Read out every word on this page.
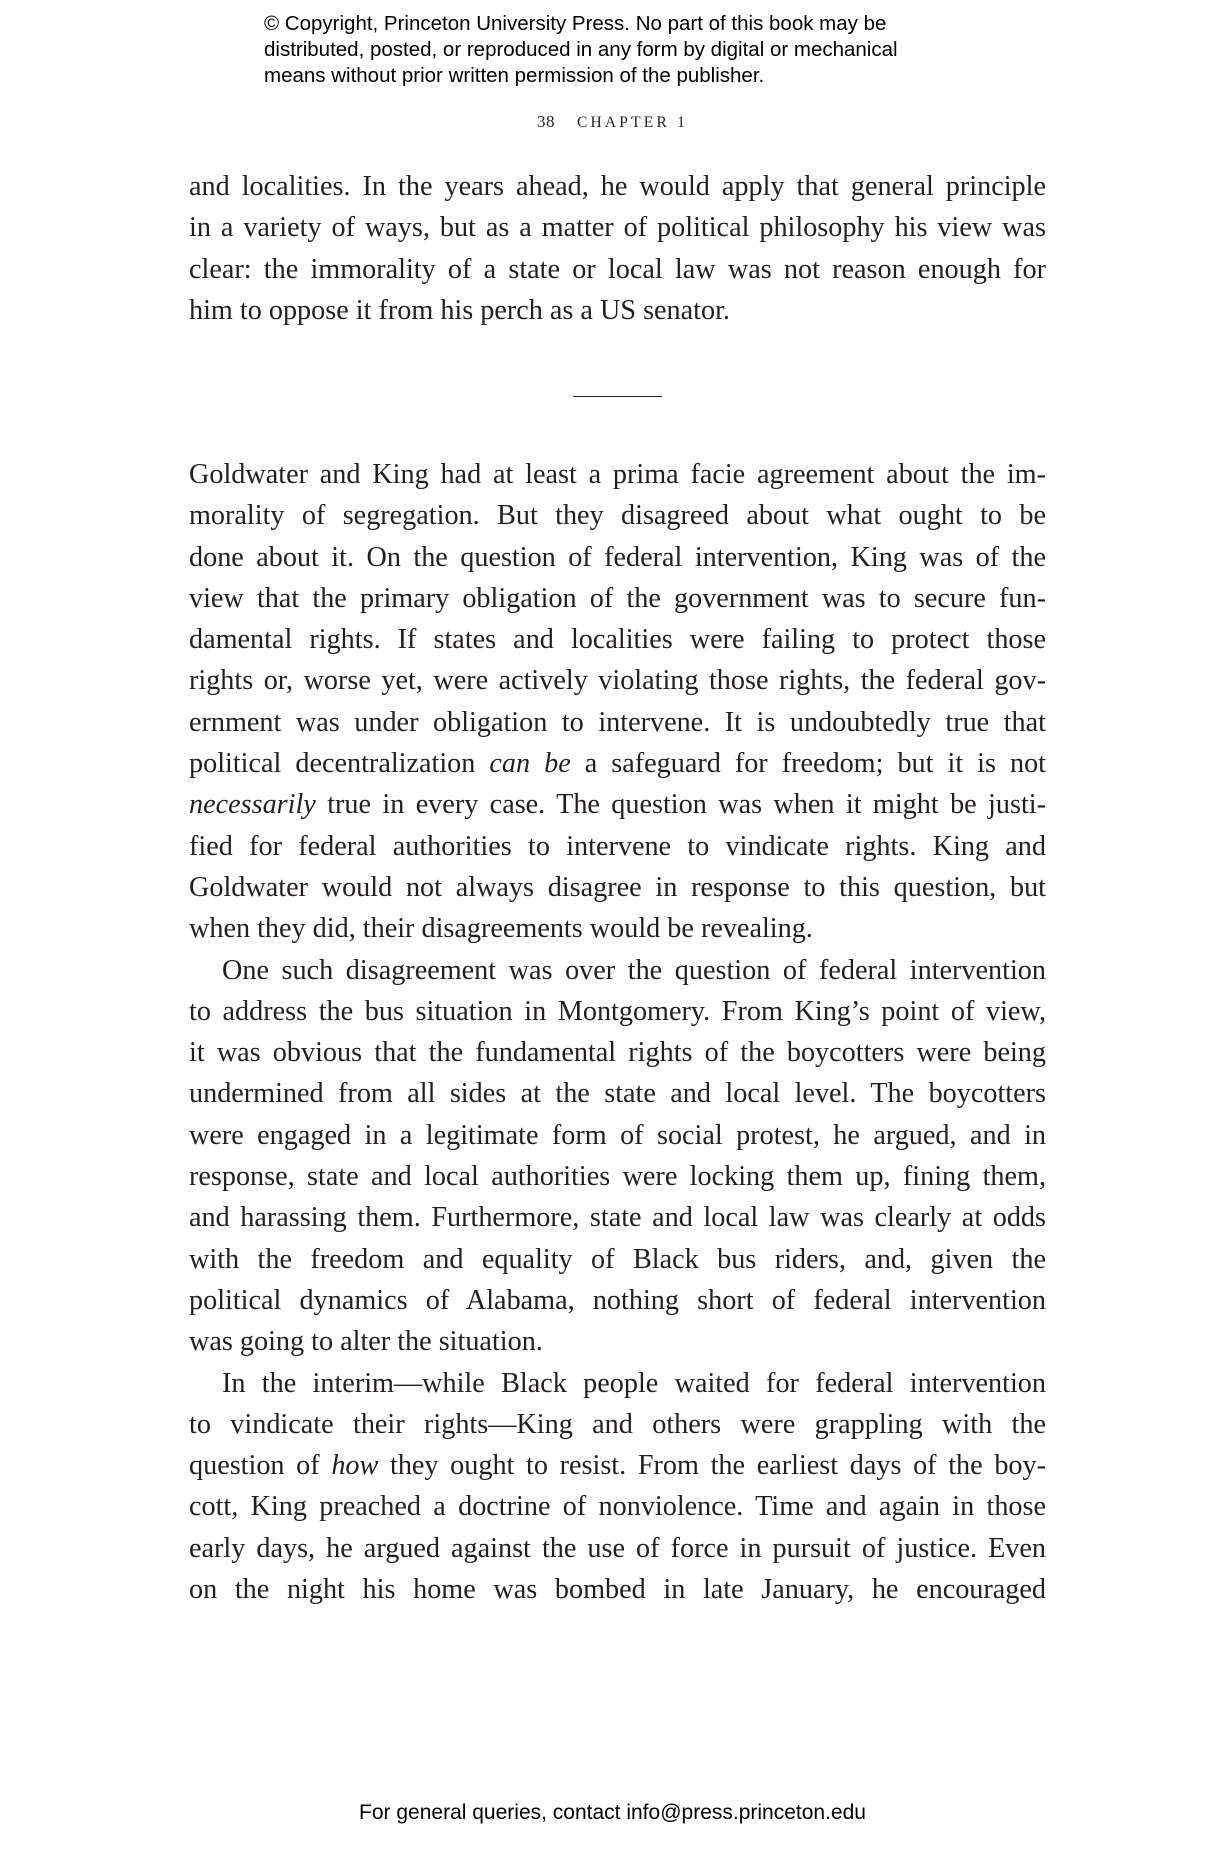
© Copyright, Princeton University Press. No part of this book may be
distributed, posted, or reproduced in any form by digital or mechanical
means without prior written permission of the publisher.
38 CHAPTER 1
and localities. In the years ahead, he would apply that general principle
in a variety of ways, but as a matter of political philosophy his view was
clear: the immorality of a state or local law was not reason enough for
him to oppose it from his perch as a US senator.
Goldwater and King had at least a prima facie agreement about the im-
morality of segregation. But they disagreed about what ought to be
done about it. On the question of federal intervention, King was of the
view that the primary obligation of the government was to secure fun-
damental rights. If states and localities were failing to protect those
rights or, worse yet, were actively violating those rights, the federal gov-
ernment was under obligation to intervene. It is undoubtedly true that
political decentralization can be a safeguard for freedom; but it is not
necessarily true in every case. The question was when it might be justi-
fied for federal authorities to intervene to vindicate rights. King and
Goldwater would not always disagree in response to this question, but
when they did, their disagreements would be revealing.
One such disagreement was over the question of federal intervention
to address the bus situation in Montgomery. From King’s point of view,
it was obvious that the fundamental rights of the boycotters were being
undermined from all sides at the state and local level. The boycotters
were engaged in a legitimate form of social protest, he argued, and in
response, state and local authorities were locking them up, fining them,
and harassing them. Furthermore, state and local law was clearly at odds
with the freedom and equality of Black bus riders, and, given the
political dynamics of Alabama, nothing short of federal intervention
was going to alter the situation.
In the interim—while Black people waited for federal intervention
to vindicate their rights—King and others were grappling with the
question of how they ought to resist. From the earliest days of the boy-
cott, King preached a doctrine of nonviolence. Time and again in those
early days, he argued against the use of force in pursuit of justice. Even
on the night his home was bombed in late January, he encouraged
For general queries, contact info@press.princeton.edu
